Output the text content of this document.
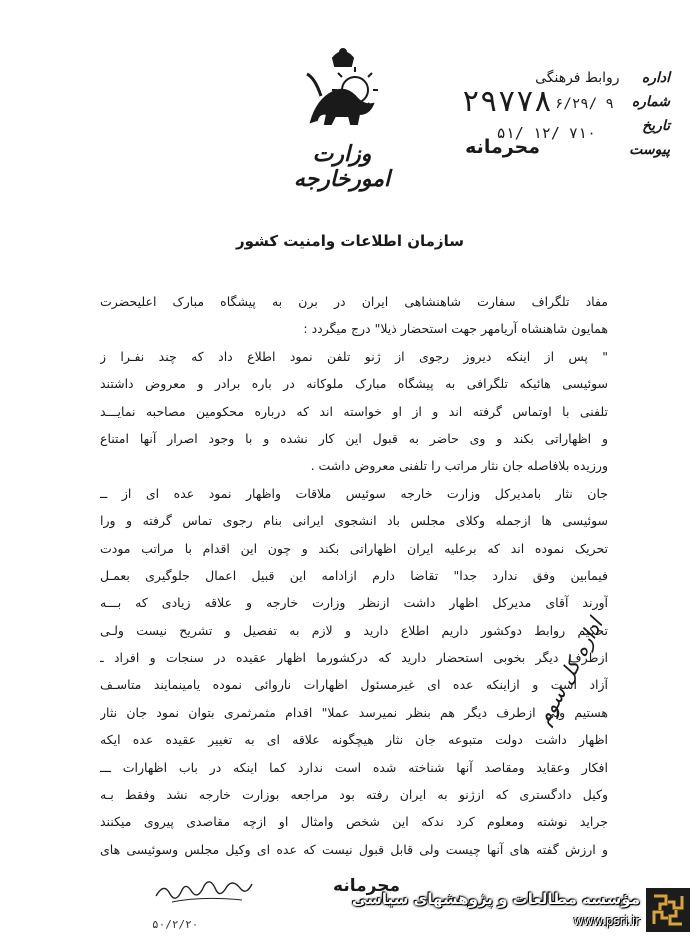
وزارت امورخارجه
اداره روابط فرهنگی
شماره
تاریخ
پیوست
۲۹۷۷۸ ۶/۲۹/ ۹
۵۱/ ۱۲/ ۷۱۰
محرمانه
سازمان اطلاعات وامنیت کشور
مفاد تلگراف سفارت شاهنشاهی ایران در برن به پیشگاه مبارک اعلیحضرت
همایون شاهنشاه آریامهر جهت استحضار ذیلا" درج میگردد :
" پس از اینکه دیروز رجوی از ژنو تلفن نمود اطلاع داد که چند نفـرا ز
سوئیسی هائیکه تلگرافی به پیشگاه مبارک ملوکانه در باره برادر و معروض داشتند
تلفنی با اوتماس گرفته اند و از او خواسته اند که درباره محکومین مصاحبه نمایـــد
و اظهاراتی بکند و وی حاضر به قبول این کار نشده و با وجود اصرار آنها امتناع
ورزیده بلافاصله جان نثار مراتب را تلفنی معروض داشت .
جان نثار بامدیرکل وزارت خارجه سوئیس ملاقات واظهار نمود عده ای از ــ
سوئیسی ها ازجمله وکلای مجلس باد انشجوی ایرانی بنام رجوی تماس گرفته و ورا
تحریک نموده اند که برعلیه ایران اظهاراتی بکند و چون این اقدام با مراتب مودت
فیمابین وفق ندارد جدا" تقاضا دارم ازادامه این قبیل اعمال جلوگیری بعمـل
آورند آقای مدیرکل اظهار داشت ازنظر وزارت خارجه و علاقه زیادی که بـــه
تحکیم روابط دوکشور داریم اطلاع دارید و لازم به تفصیل و تشریح نیست ولـی
ازطرف دیگر بخوبی استحضار دارید که درکشورما اظهار عقیده در سنجات و افراد ـ
آزاد است و ازاینکه عده ای غیرمسئول اظهارات ناروائی نموده یامینمایند متاسـف
هستیم ولی ازطرف دیگر هم بنظر نمیرسد عملا" اقدام مثمرثمری بتوان نمود جان نثار
اظهار داشت دولت متبوعه جان نثار هیچگونه علاقه ای به تغییر عقیده عده ایکه
افکار وعقاید ومقاصد آنها شناخته شده است ندارد کما اینکه در باب اظهارات ـــ
وکیل دادگستری که ازژنو به ایران رفته بود مراجعه بوزارت خارجه نشد وفقط بـه
جراید نوشته ومعلوم کرد ندکه این شخص وامثال او ازچه مقاصدی پیروی میکنند
و ارزش گفته های آنها چیست ولی قابل قبول نیست که عده ای وکیل مجلس وسوئیسی های
اداره کل سوم
محرمانه
۵۰/۲/۲۰
مؤسسه مطالعات و پژوهشهای سیاسی
www.psri.ir
